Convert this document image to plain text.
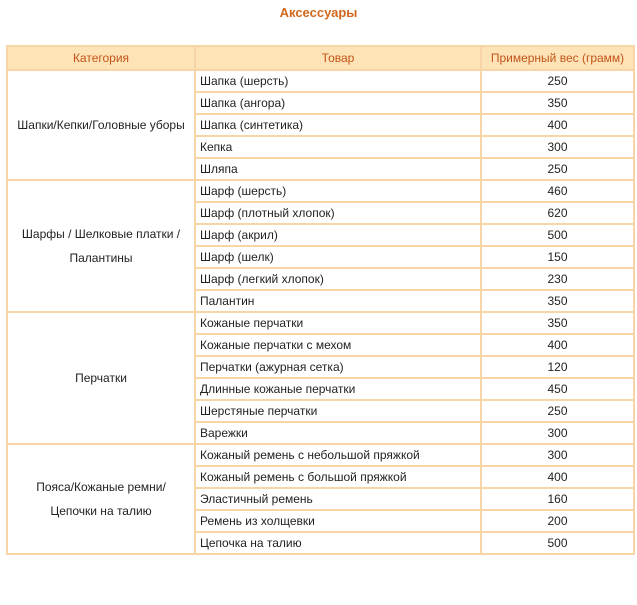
Аксессуары
Категория	Товар	Примерный вес (грамм)

Шапки/Кепки/Головные уборы	Шапка (шерсть)	250
	Шапка (ангора)	350
	Шапка (синтетика)	400
	Кепка	300
	Шляпа	250

Шарфы / Шелковые платки /
Палантины	Шарф (шерсть)	460
	Шарф (плотный хлопок)	620
	Шарф (акрил)	500
	Шарф (шелк)	150
	Шарф (легкий хлопок)	230
	Палантин	350

Перчатки	Кожаные перчатки	350
	Кожаные перчатки с мехом	400
	Перчатки (ажурная сетка)	120
	Длинные кожаные перчатки	450
	Шерстяные перчатки	250
	Варежки	300

Пояса/Кожаные ремни/
Цепочки на талию	Кожаный ремень с небольшой пряжкой	300
	Кожаный ремень с большой пряжкой	400
	Эластичный ремень	160
	Ремень из холщевки	200
	Цепочка на талию	500
